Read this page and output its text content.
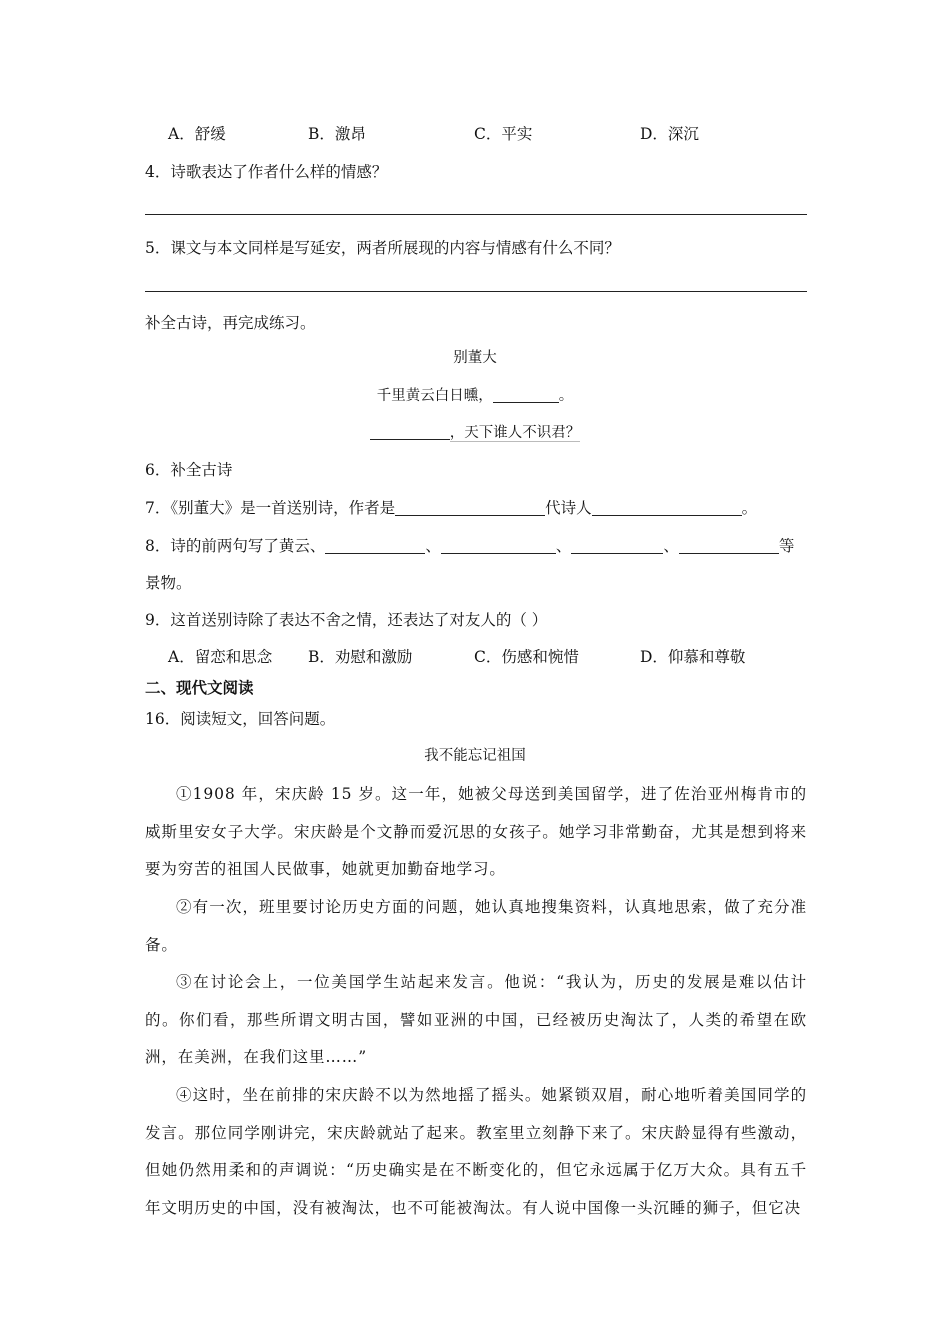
A．舒缓	B．激昂	C．平实	D．深沉
4．诗歌表达了作者什么样的情感？
5．课文与本文同样是写延安，两者所展现的内容与情感有什么不同？
补全古诗，再完成练习。
别董大
千里黄云白日曛，	。
，天下谁人不识君？
6．补全古诗
7．《别董大》是一首送别诗，作者是	代诗人	。
8．诗的前两句写了黄云、	、	、	、	等
景物。
9．这首送别诗除了表达不舍之情，还表达了对友人的（ ）
A．留恋和思念 B．劝慰和激励	C．伤感和惋惜	D．仰慕和尊敬
二、现代文阅读
16．阅读短文，回答问题。
我不能忘记祖国
①1908 年，宋庆龄 15 岁。这一年，她被父母送到美国留学，进了佐治亚州梅肯市的威斯里安女子大学。宋庆龄是个文静而爱沉思的女孩子。她学习非常勤奋，尤其是想到将来要为穷苦的祖国人民做事，她就更加勤奋地学习。
②有一次，班里要讨论历史方面的问题，她认真地搜集资料，认真地思索，做了充分准备。
③在讨论会上，一位美国学生站起来发言。他说：“我认为，历史的发展是难以估计的。你们看，那些所谓文明古国，譬如亚洲的中国，已经被历史淘汰了，人类的希望在欧洲，在美洲，在我们这里……”
④这时，坐在前排的宋庆龄不以为然地摇了摇头。她紧锁双眉，耐心地听着美国同学的发言。那位同学刚讲完，宋庆龄就站了起来。教室里立刻静下来了。宋庆龄显得有些激动，但她仍然用柔和的声调说：“历史确实是在不断变化的，但它永远属于亿万大众。具有五千年文明历史的中国，没有被淘汰，也不可能被淘汰。有人说中国像一头沉睡的狮子，但它决
